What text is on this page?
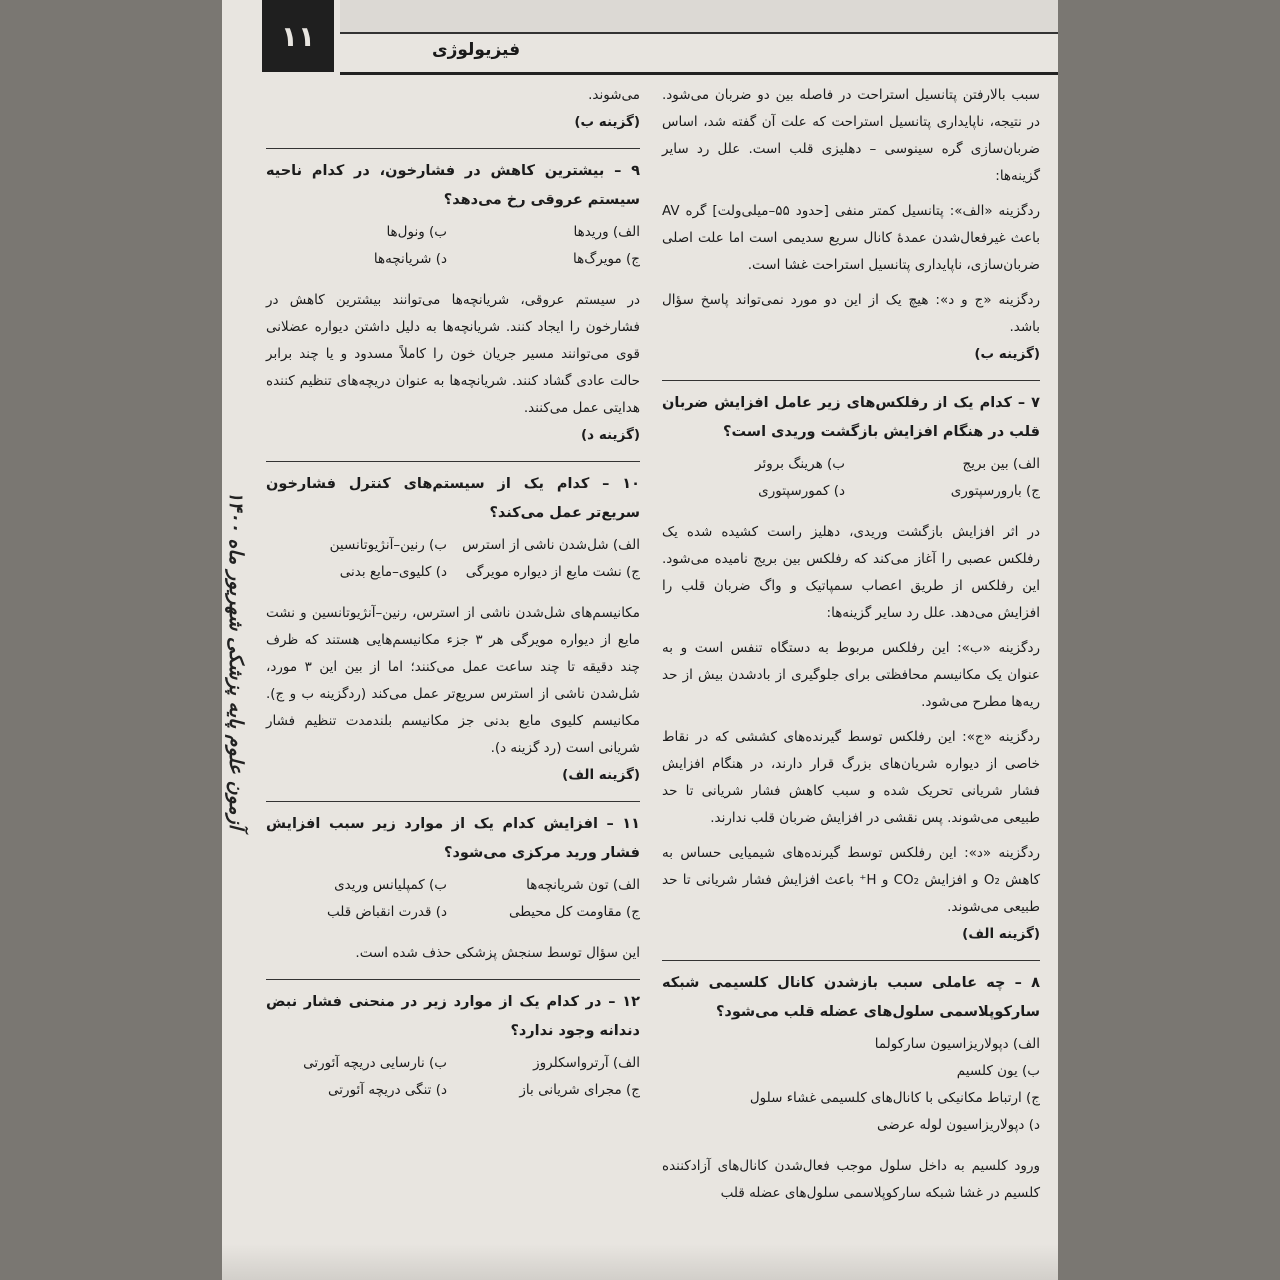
۱۱	فیزیولوژی
آزمون علوم پایه پزشکی شهریور ماه ۱۴۰۰

سبب بالارفتن پتانسیل استراحت در فاصله بین دو ضربان می‌شود. در نتیجه، ناپایداری پتانسیل استراحت که علت آن گفته شد، اساس ضربان‌سازی گره سینوسی – دهلیزی قلب است. علل رد سایر گزینه‌ها:

ردگزینه «الف»: پتانسیل کمتر منفی [حدود ۵۵–میلی‌ولت] گره AV باعث غیرفعال‌شدن عمدهٔ کانال سریع سدیمی است اما علت اصلی ضربان‌سازی، ناپایداری پتانسیل استراحت غشا است.

ردگزینه «ج و د»: هیچ یک از این دو مورد نمی‌تواند پاسخ سؤال باشد.

(گزینه ب)
۷ – کدام یک از رفلکس‌های زیر عامل افزایش ضربان قلب در هنگام افزایش بازگشت وریدی است؟
الف) بین بریج
ب) هرینگ بروئر
ج) بارورسپتوری
د) کمورسپتوری

در اثر افزایش بازگشت وریدی، دهلیز راست کشیده شده یک رفلکس عصبی را آغاز می‌کند که رفلکس بین بریج نامیده می‌شود. این رفلکس از طریق اعصاب سمپاتیک و واگ ضربان قلب را افزایش می‌دهد. علل رد سایر گزینه‌ها:

ردگزینه «ب»: این رفلکس مربوط به دستگاه تنفس است و به عنوان یک مکانیسم محافظتی برای جلوگیری از بادشدن بیش از حد ریه‌ها مطرح می‌شود.

ردگزینه «ج»: این رفلکس توسط گیرنده‌های کششی که در نقاط خاصی از دیواره شریان‌های بزرگ قرار دارند، در هنگام افزایش فشار شریانی تحریک شده و سبب کاهش فشار شریانی تا حد طبیعی می‌شوند. پس نقشی در افزایش ضربان قلب ندارند.

ردگزینه «د»: این رفلکس توسط گیرنده‌های شیمیایی حساس به کاهش O₂ و افزایش CO₂ و H⁺ باعث افزایش فشار شریانی تا حد طبیعی می‌شوند.

(گزینه الف)
۸ – چه عاملی سبب بازشدن کانال کلسیمی شبکه سارکوپلاسمی سلول‌های عضله قلب می‌شود؟
الف) دپولاریزاسیون سارکولما
ب) یون کلسیم
ج) ارتباط مکانیکی با کانال‌های کلسیمی غشاء سلول
د) دپولاریزاسیون لوله عرضی

ورود کلسیم به داخل سلول موجب فعال‌شدن کانال‌های آزادکننده کلسیم در غشا شبکه سارکوپلاسمی سلول‌های عضله قلب

می‌شوند.

(گزینه ب)
۹ – بیشترین کاهش در فشارخون، در کدام ناحیه سیستم عروقی رخ می‌دهد؟
الف) وریدها
ب) ونول‌ها
ج) مویرگ‌ها
د) شریانچه‌ها

در سیستم عروقی، شریانچه‌ها می‌توانند بیشترین کاهش در فشارخون را ایجاد کنند. شریانچه‌ها به دلیل داشتن دیواره عضلانی قوی می‌توانند مسیر جریان خون را کاملاً مسدود و یا چند برابر حالت عادی گشاد کنند. شریانچه‌ها به عنوان دریچه‌های تنظیم کننده هدایتی عمل می‌کنند.

(گزینه د)
۱۰ – کدام یک از سیستم‌های کنترل فشارخون سریع‌تر عمل می‌کند؟
الف) شل‌شدن ناشی از استرس
ب) رنین–آنژیوتانسین
ج) نشت مایع از دیواره مویرگی
د) کلیوی–مایع بدنی

مکانیسم‌های شل‌شدن ناشی از استرس، رنین–آنژیوتانسین و نشت مایع از دیواره مویرگی هر ۳ جزء مکانیسم‌هایی هستند که ظرف چند دقیقه تا چند ساعت عمل می‌کنند؛ اما از بین این ۳ مورد، شل‌شدن ناشی از استرس سریع‌تر عمل می‌کند (ردگزینه ب و ج). مکانیسم کلیوی مایع بدنی جز مکانیسم بلندمدت تنظیم فشار شریانی است (رد گزینه د).

(گزینه الف)
۱۱ – افزایش کدام یک از موارد زیر سبب افزایش فشار ورید مرکزی می‌شود؟
الف) تون شریانچه‌ها
ب) کمپلیانس وریدی
ج) مقاومت کل محیطی
د) قدرت انقباض قلب

این سؤال توسط سنجش پزشکی حذف شده است.

۱۲ – در کدام یک از موارد زیر در منحنی فشار نبض دندانه وجود ندارد؟
الف) آرترواسکلروز
ب) نارسایی دریچه آئورتی
ج) مجرای شریانی باز
د) تنگی دریچه آئورتی
